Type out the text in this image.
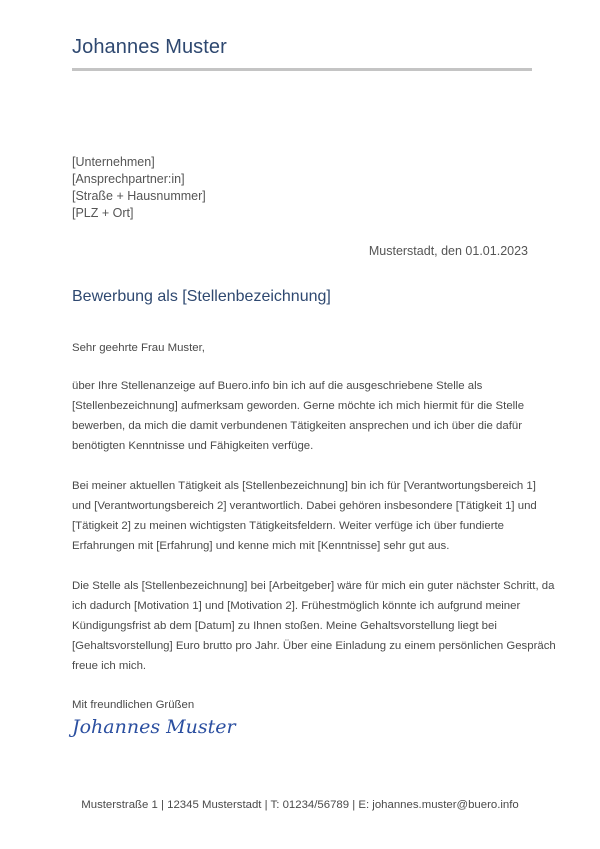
Johannes Muster
[Unternehmen]
[Ansprechpartner:in]
[Straße + Hausnummer]
[PLZ + Ort]
Musterstadt, den 01.01.2023
Bewerbung als [Stellenbezeichnung]

Sehr geehrte Frau Muster,

über Ihre Stellenanzeige auf Buero.info bin ich auf die ausgeschriebene Stelle als
[Stellenbezeichnung] aufmerksam geworden. Gerne möchte ich mich hiermit für die Stelle
bewerben, da mich die damit verbundenen Tätigkeiten ansprechen und ich über die dafür
benötigten Kenntnisse und Fähigkeiten verfüge.

Bei meiner aktuellen Tätigkeit als [Stellenbezeichnung] bin ich für [Verantwortungsbereich 1]
und [Verantwortungsbereich 2] verantwortlich. Dabei gehören insbesondere [Tätigkeit 1] und
[Tätigkeit 2] zu meinen wichtigsten Tätigkeitsfeldern. Weiter verfüge ich über fundierte
Erfahrungen mit [Erfahrung] und kenne mich mit [Kenntnisse] sehr gut aus.

Die Stelle als [Stellenbezeichnung] bei [Arbeitgeber] wäre für mich ein guter nächster Schritt, da
ich dadurch [Motivation 1] und [Motivation 2]. Frühestmöglich könnte ich aufgrund meiner
Kündigungsfrist ab dem [Datum] zu Ihnen stoßen. Meine Gehaltsvorstellung liegt bei
[Gehaltsvorstellung] Euro brutto pro Jahr. Über eine Einladung zu einem persönlichen Gespräch
freue ich mich.

Mit freundlichen Grüßen
Johannes Muster
Musterstraße 1 | 12345 Musterstadt | T: 01234/56789 | E: johannes.muster@buero.info
